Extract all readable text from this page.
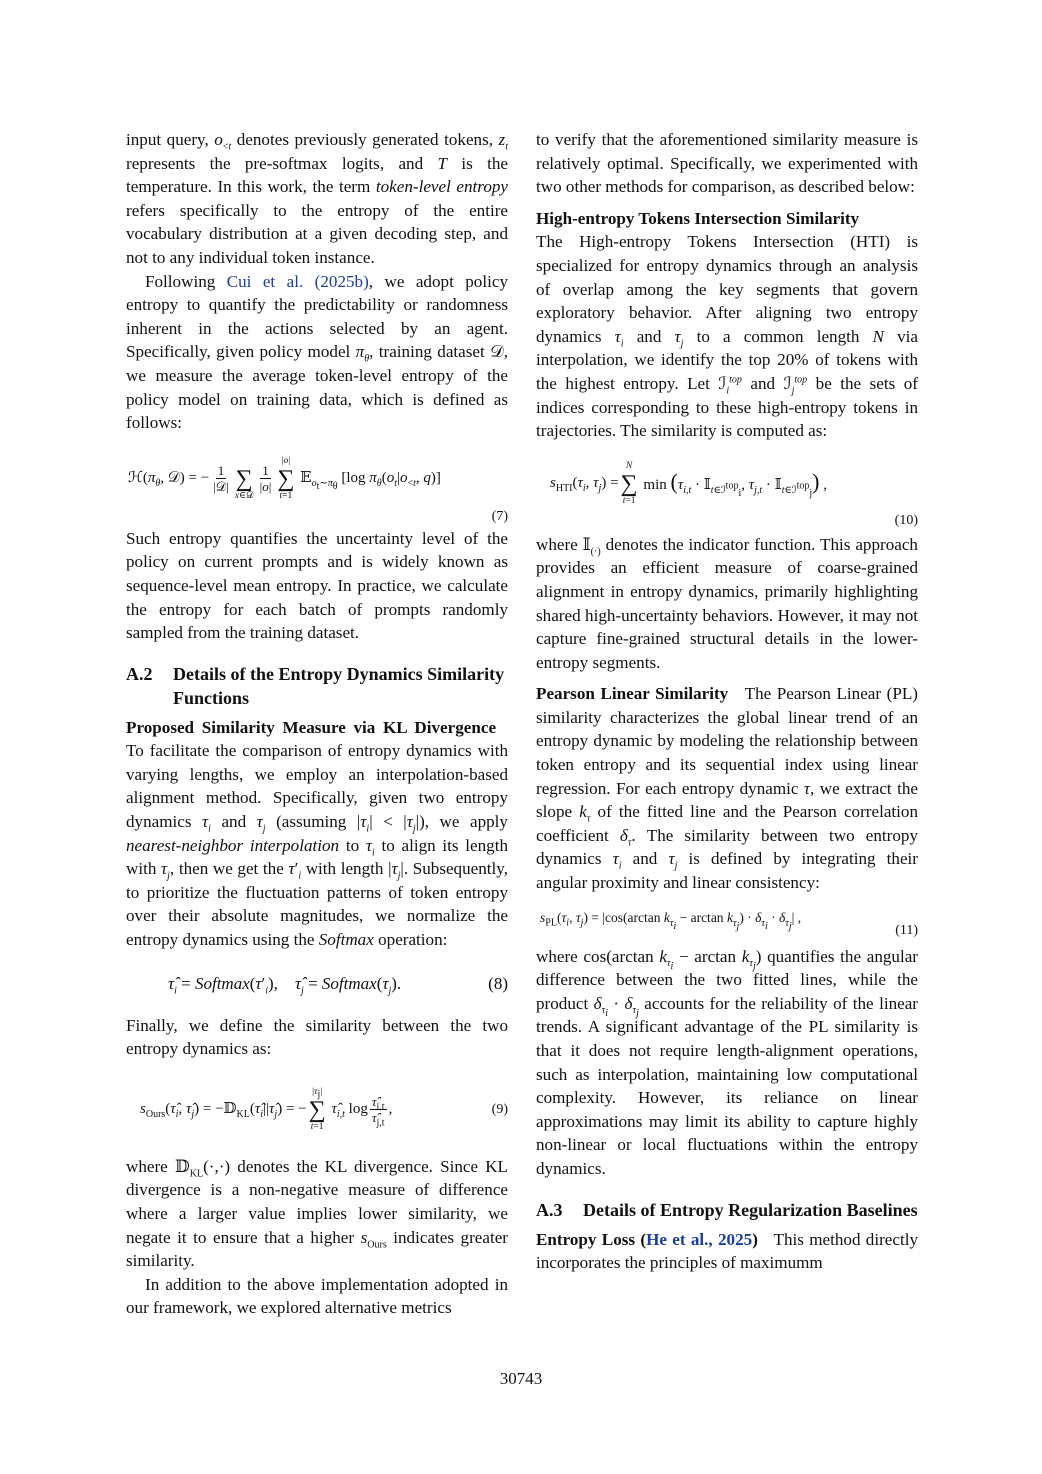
input query, $o_{<t}$ denotes previously generated tokens, $z_t$ represents the pre-softmax logits, and T is the temperature. In this work, the term token-level entropy refers specifically to the entropy of the entire vocabulary distribution at a given decoding step, and not to any individual token instance.

Following Cui et al. (2025b), we adopt policy entropy to quantify the predictability or randomness inherent in the actions selected by an agent. Specifically, given policy model $\pi_\theta$, training dataset 𝒟, we measure the average token-level entropy of the policy model on training data, which is defined as follows:

$ℋ(\pi_\theta$, 𝒟) = − $\frac{1}{\text{|𝒟|}}$
∑
x∈𝒟
$\frac{1}{|o|}$
|o|
∑
t=1
𝔼$_{o_t\sim\pi_\theta}$ [log $\pi_\theta(o_t|o_{<t}$, q)]
(7)

Such entropy quantifies the uncertainty level of the policy on current prompts and is widely known as sequence-level mean entropy. In practice, we calculate the entropy for each batch of prompts randomly sampled from the training dataset.

A.2	Details of the Entropy Dynamics Similarity Functions

Proposed Similarity Measure via KL Divergence   To facilitate the comparison of entropy dynamics with varying lengths, we employ an interpolation-based alignment method. Specifically, given two entropy dynamics $\tau_i$ and $\tau_j$ (assuming $|\tau_i| < |\tau_j|$), we apply nearest-neighbor interpolation to $\tau_i$ to align its length with $\tau_j$, then we get the $\tau'_i$ with length $|\tau_j|$. Subsequently, to prioritize the fluctuation patterns of token entropy over their absolute magnitudes, we normalize the entropy dynamics using the Softmax operation:

$\taû_i$ = $Softmax(\tau'_i)$,    $\taû_j$ = $Softmax(\tau_j)$.	(8)

Finally, we define the similarity between the two entropy dynamics as:

$s_{Ours}(\taû_i$, $\taû_j$) = $-𝔻_{KL}(\taû_i||\taû_j)$ = −
$|\tau_j|$
∑
t=1
$\taû_{i,t}$ $\log \frac{\taû_{i,t}}{\taû_{j,t}}$ ,	(9)

where 𝔻$_{KL}$(·,·) denotes the KL divergence. Since KL divergence is a non-negative measure of difference where a larger value implies lower similarity, we negate it to ensure that a higher $s_{Ours}$ indicates greater similarity.

In addition to the above implementation adopted in our framework, we explored alternative metrics

to verify that the aforementioned similarity measure is relatively optimal. Specifically, we experimented with two other methods for comparison, as described below:

High-entropy Tokens Intersection Similarity
The High-entropy Tokens Intersection (HTI) is specialized for entropy dynamics through an analysis of overlap among the key segments that govern exploratory behavior. After aligning two entropy dynamics $\tau_i$ and $\tau_j$ to a common length N via interpolation, we identify the top 20% of tokens with the highest entropy. Let ℐ$_i^{top}$ and ℐ$_j^{top}$ be the sets of indices corresponding to these high-entropy tokens in trajectories. The similarity is computed as:

$s_{HTI}(\tau_i$, $\tau_j$) =
N
∑
t=1
$\min (\tau_{i,t}$ · 𝕀$_{t\in ℐ^{top}_i}$, $\tau_{j,t}$ · 𝕀$_{t\in ℐ^{top}_j}$) ,
(10)

where 𝕀$_{(\cdot)}$ denotes the indicator function. This approach provides an efficient measure of coarse-grained alignment in entropy dynamics, primarily highlighting shared high-uncertainty behaviors. However, it may not capture fine-grained structural details in the lower-entropy segments.

Pearson Linear Similarity   The Pearson Linear (PL) similarity characterizes the global linear trend of an entropy dynamic by modeling the relationship between token entropy and its sequential index using linear regression. For each entropy dynamic τ, we extract the slope $k_\tau$ of the fitted line and the Pearson correlation coefficient $\delta_\tau$. The similarity between two entropy dynamics $\tau_i$ and $\tau_j$ is defined by integrating their angular proximity and linear consistency:

$s_{PL}(\tau_i$, $\tau_j) = |\cos(\arctan$ $k_{\tau_i} - \arctan k_{\tau_j}) \cdot \delta_{\tau_i} \cdot \delta_{\tau_j}|$ ,
(11)

where cos(arctan $k_{\tau_i} - \arctan k_{\tau_j}$) quantifies the angular difference between the two fitted lines, while the product $\delta_{\tau_i} \cdot \delta_{\tau_j}$ accounts for the reliability of the linear trends. A significant advantage of the PL similarity is that it does not require length-alignment operations, such as interpolation, maintaining low computational complexity. However, its reliance on linear approximations may limit its ability to capture highly non-linear or local fluctuations within the entropy dynamics.

A.3	Details of Entropy Regularization Baselines

Entropy Loss (He et al., 2025) This method directly incorporates the principles of maximumm

30743
